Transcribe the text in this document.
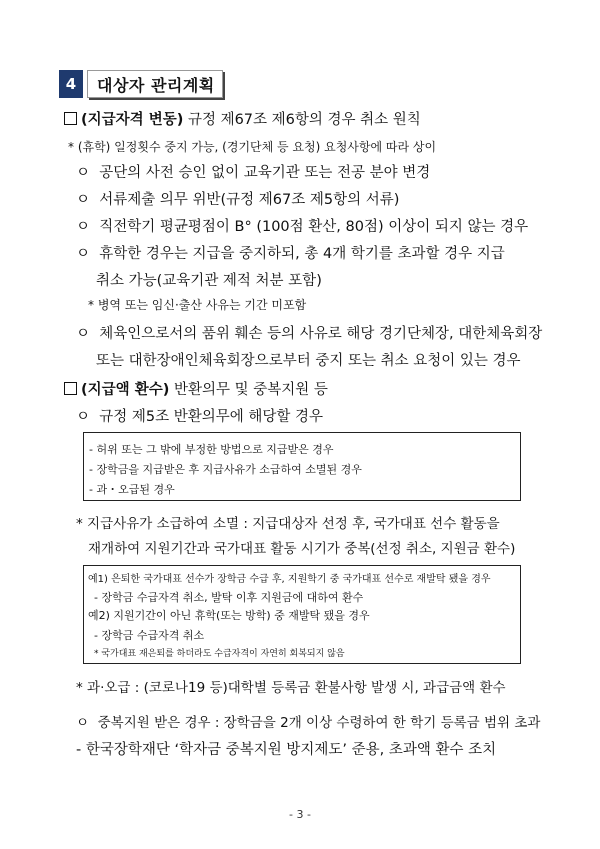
4	대상자 관리계획
(지급자격 변동) 규정 제67조 제6항의 경우 취소 원칙
* (휴학) 일정횟수 중지 가능, (경기단체 등 요청) 요청사항에 따라 상이
ㅇ 공단의 사전 승인 없이 교육기관 또는 전공 분야 변경
ㅇ 서류제출 의무 위반(규정 제67조 제5항의 서류)
ㅇ 직전학기 평균평점이 B° (100점 환산, 80점) 이상이 되지 않는 경우
ㅇ 휴학한 경우는 지급을 중지하되, 총 4개 학기를 초과할 경우 지급
취소 가능(교육기관 제적 처분 포함)
* 병역 또는 임신·출산 사유는 기간 미포함
ㅇ 체육인으로서의 품위 훼손 등의 사유로 해당 경기단체장, 대한체육회장
또는 대한장애인체육회장으로부터 중지 또는 취소 요청이 있는 경우
(지급액 환수) 반환의무 및 중복지원 등
ㅇ 규정 제5조 반환의무에 해당할 경우
- 허위 또는 그 밖에 부정한 방법으로 지급받은 경우
- 장학금을 지급받은 후 지급사유가 소급하여 소멸된 경우
- 과・오급된 경우
* 지급사유가 소급하여 소멸 : 지급대상자 선정 후, 국가대표 선수 활동을
재개하여 지원기간과 국가대표 활동 시기가 중복(선정 취소, 지원금 환수)
예1) 은퇴한 국가대표 선수가 장학금 수급 후, 지원학기 중 국가대표 선수로 재발탁 됐을 경우
- 장학금 수급자격 취소, 발탁 이후 지원금에 대하여 환수
예2) 지원기간이 아닌 휴학(또는 방학) 중 재발탁 됐을 경우
- 장학금 수급자격 취소
* 국가대표 재은퇴를 하더라도 수급자격이 자연히 회복되지 않음
* 과·오급 : (코로나19 등)대학별 등록금 환불사항 발생 시, 과급금액 환수
ㅇ 중복지원 받은 경우 : 장학금을 2개 이상 수령하여 한 학기 등록금 범위 초과
- 한국장학재단 ‘학자금 중복지원 방지제도’ 준용, 초과액 환수 조치
- 3 -
